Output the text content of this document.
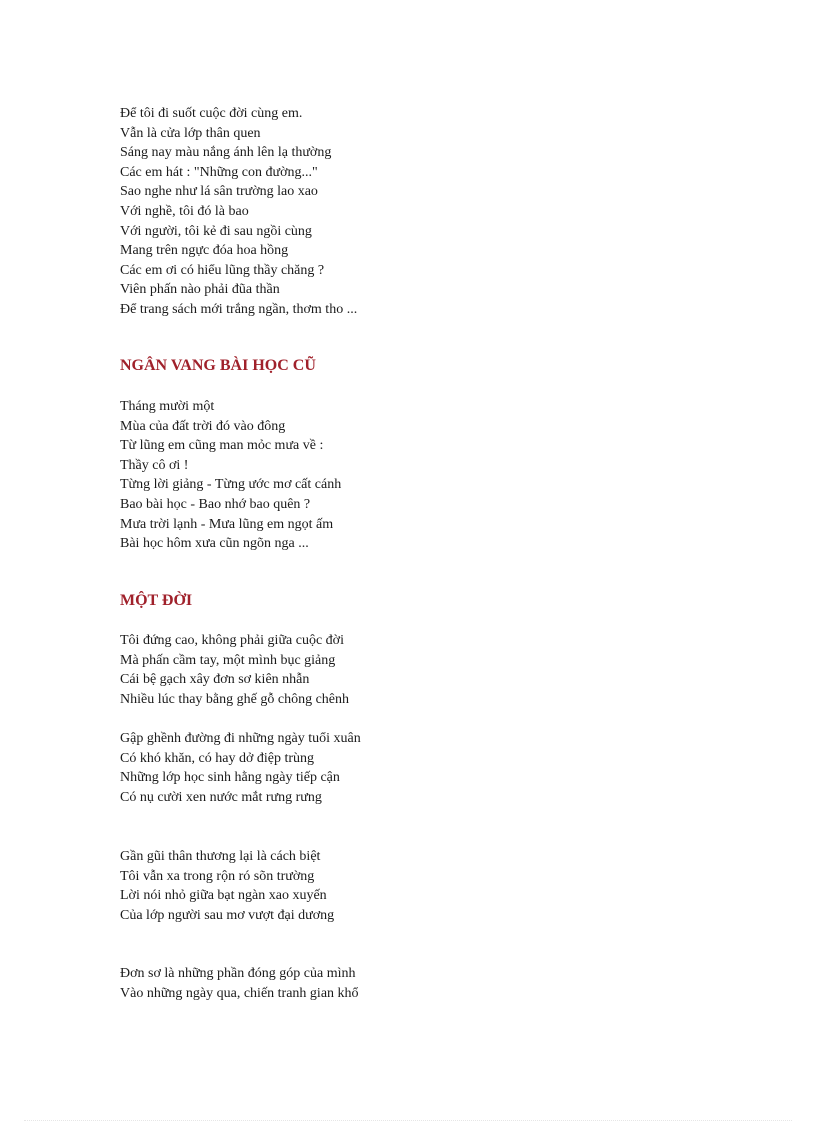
Để tôi đi suốt cuộc đời cùng em.
Vẫn là cửa lớp thân quen
Sáng nay màu nắng ánh lên lạ thường
Các em hát : "Những con đường..."
Sao nghe như lá sân trường lao xao
Với nghề, tôi đó là bao
Với người, tôi kẻ đi sau ngồi cùng
Mang trên ngực đóa hoa hồng
Các em ơi có hiểu lũng thầy chăng ?
Viên phấn nào phải đũa thần
Để trang sách mới trắng ngần, thơm tho ...
NGÂN VANG BÀI HỌC CŨ
Tháng mười một
Mùa của đất trời đó vào đông
Từ lũng em cũng man mỏc mưa về :
Thầy cô ơi !
Từng lời giảng - Từng ước mơ cất cánh
Bao bài học - Bao nhớ bao quên ?
Mưa trời lạnh - Mưa lũng em ngọt ấm
Bài học hôm xưa cũn ngõn nga ...
MỘT ĐỜI
Tôi đứng cao, không phải giữa cuộc đời
Mà phấn cầm tay, một mình bục giảng
Cái bệ gạch xây đơn sơ kiên nhẫn
Nhiều lúc thay bằng ghế gỗ chông chênh
Gập ghềnh đường đi những ngày tuổi xuân
Có khó khăn, có hay dở điệp trùng
Những lớp học sinh hằng ngày tiếp cận
Có nụ cười xen nước mắt rưng rưng
Gần gũi thân thương lại là cách biệt
Tôi vẫn xa trong rộn ró sõn trường
Lời nói nhỏ giữa bạt ngàn xao xuyến
Của lớp người sau mơ vượt đại dương
Đơn sơ là những phần đóng góp của mình
Vào những ngày qua, chiến tranh gian khổ
